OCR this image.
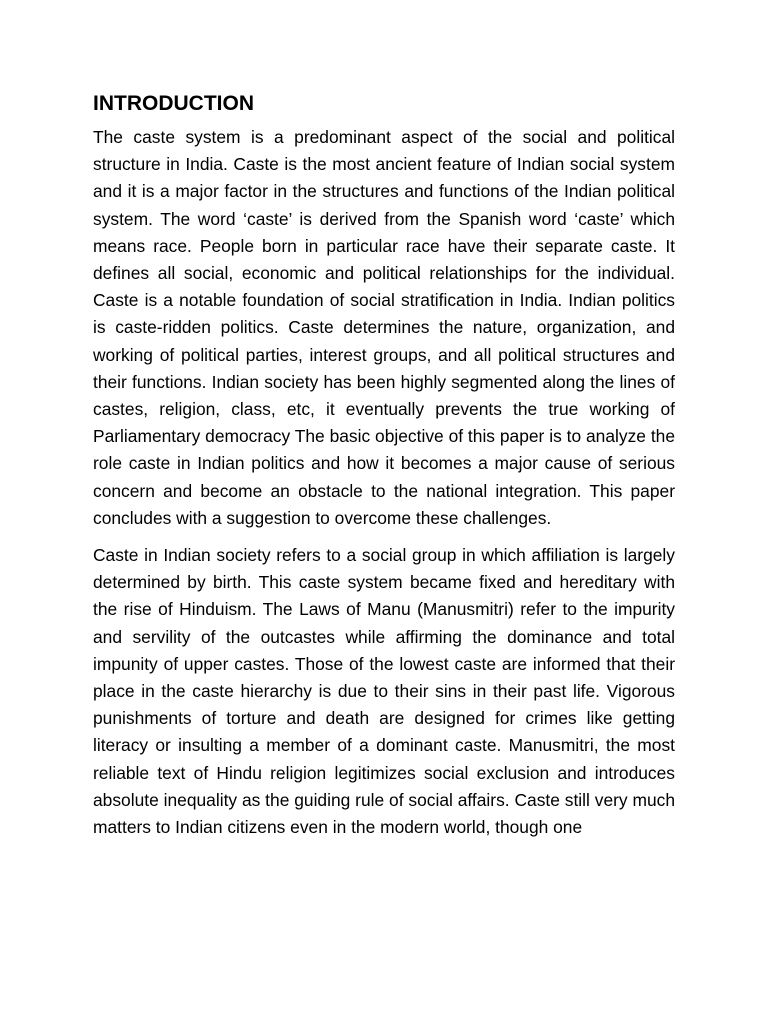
INTRODUCTION

The caste system is a predominant aspect of the social and political structure in India. Caste is the most ancient feature of Indian social system and it is a major factor in the structures and functions of the Indian political system. The word ‘caste’ is derived from the Spanish word ‘caste’ which means race. People born in particular race have their separate caste. It defines all social, economic and political relationships for the individual. Caste is a notable foundation of social stratification in India. Indian politics is caste-ridden politics. Caste determines the nature, organization, and working of political parties, interest groups, and all political structures and their functions. Indian society has been highly segmented along the lines of castes, religion, class, etc, it eventually prevents the true working of Parliamentary democracy The basic objective of this paper is to analyze the role caste in Indian politics and how it becomes a major cause of serious concern and become an obstacle to the national integration. This paper concludes with a suggestion to overcome these challenges.

Caste in Indian society refers to a social group in which affiliation is largely determined by birth. This caste system became fixed and hereditary with the rise of Hinduism. The Laws of Manu (Manusmitri) refer to the impurity and servility of the outcastes while affirming the dominance and total impunity of upper castes. Those of the lowest caste are informed that their place in the caste hierarchy is due to their sins in their past life. Vigorous punishments of torture and death are designed for crimes like getting literacy or insulting a member of a dominant caste. Manusmitri, the most reliable text of Hindu religion legitimizes social exclusion and introduces absolute inequality as the guiding rule of social affairs. Caste still very much matters to Indian citizens even in the modern world, though one
